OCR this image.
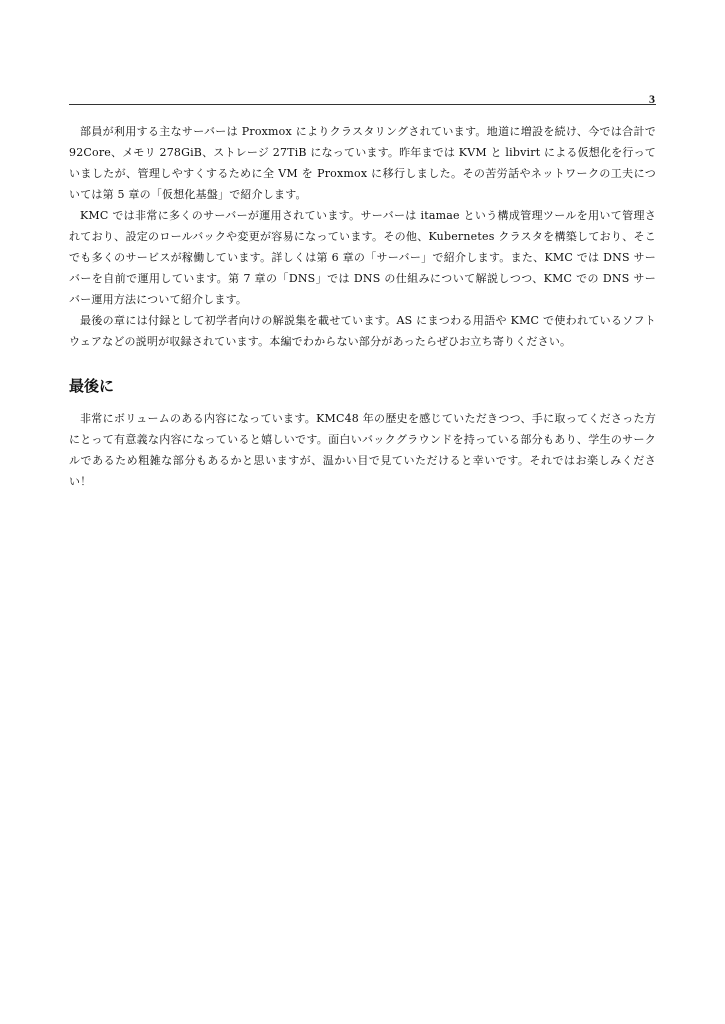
3

部員が利用する主なサーバーは Proxmox によりクラスタリングされています。地道に増設を続け、今では合計で 92Core、メモリ 278GiB、ストレージ 27TiB になっています。昨年までは KVM と libvirt による仮想化を行っていましたが、管理しやすくするために全 VM を Proxmox に移行しました。その苦労話やネットワークの工夫については第 5 章の「仮想化基盤」で紹介します。

KMC では非常に多くのサーバーが運用されています。サーバーは itamae という構成管理ツールを用いて管理されており、設定のロールバックや変更が容易になっています。その他、Kubernetes クラスタを構築しており、そこでも多くのサービスが稼働しています。詳しくは第 6 章の「サーバー」で紹介します。また、KMC では DNS サーバーを自前で運用しています。第 7 章の「DNS」では DNS の仕組みについて解説しつつ、KMC での DNS サーバー運用方法について紹介します。

最後の章には付録として初学者向けの解説集を載せています。AS にまつわる用語や KMC で使われているソフトウェアなどの説明が収録されています。本編でわからない部分があったらぜひお立ち寄りください。

最後に

非常にボリュームのある内容になっています。KMC48 年の歴史を感じていただきつつ、手に取ってくださった方にとって有意義な内容になっていると嬉しいです。面白いバックグラウンドを持っている部分もあり、学生のサークルであるため粗雑な部分もあるかと思いますが、温かい目で見ていただけると幸いです。それではお楽しみください！
